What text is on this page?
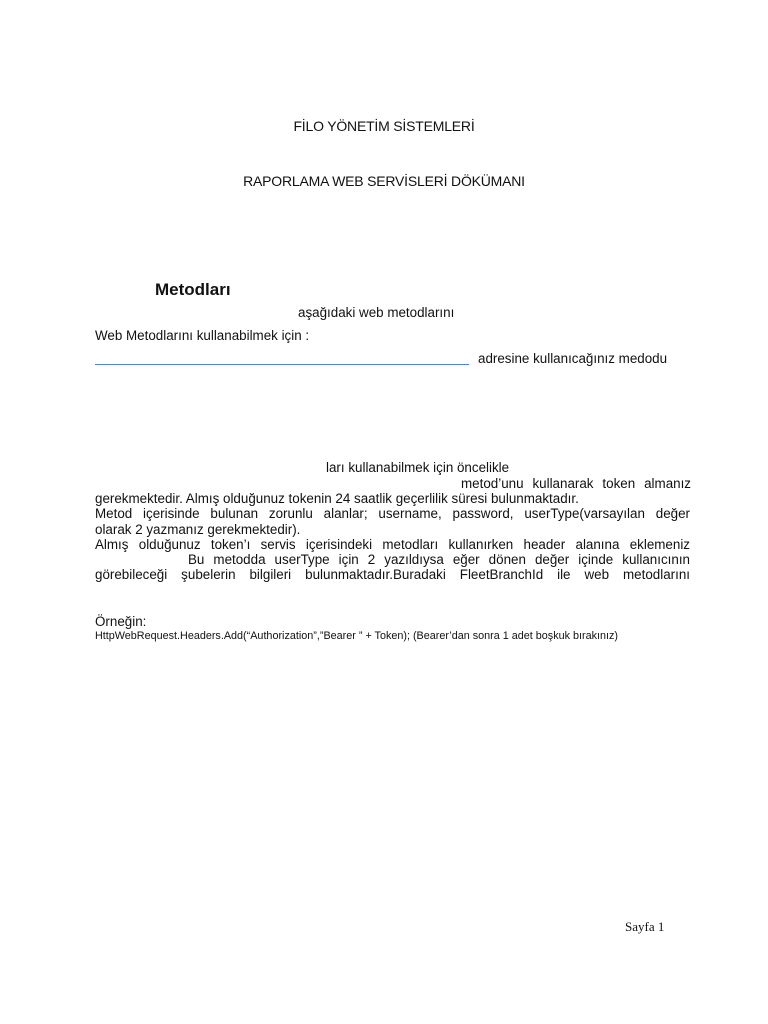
FİLO YÖNETİM SİSTEMLERİ
RAPORLAMA WEB SERVİSLERİ DÖKÜMANI
Metodları
aşağıdaki web metodlarını
Web Metodlarını kullanabilmek için :
adresine kullanıcağınız medodu
ları kullanabilmek için öncelikle
metod’unu kullanarak token almanız
gerekmektedir. Almış olduğunuz tokenin 24 saatlik geçerlilik süresi bulunmaktadır.
Metod içerisinde bulunan zorunlu alanlar; username, password, userType(varsayılan değer
olarak 2 yazmanız gerekmektedir).
Almış olduğunuz token’ı servis içerisindeki metodları kullanırken header alanına eklemeniz
Bu metodda userType için 2 yazıldıysa eğer dönen değer içinde kullanıcının
görebileceği şubelerin bilgileri bulunmaktadır.Buradaki FleetBranchId ile web metodlarını
Örneğin:
HttpWebRequest.Headers.Add(“Authorization”,”Bearer ” + Token); (Bearer’dan sonra 1 adet boşkuk bırakınız)
Sayfa 1
